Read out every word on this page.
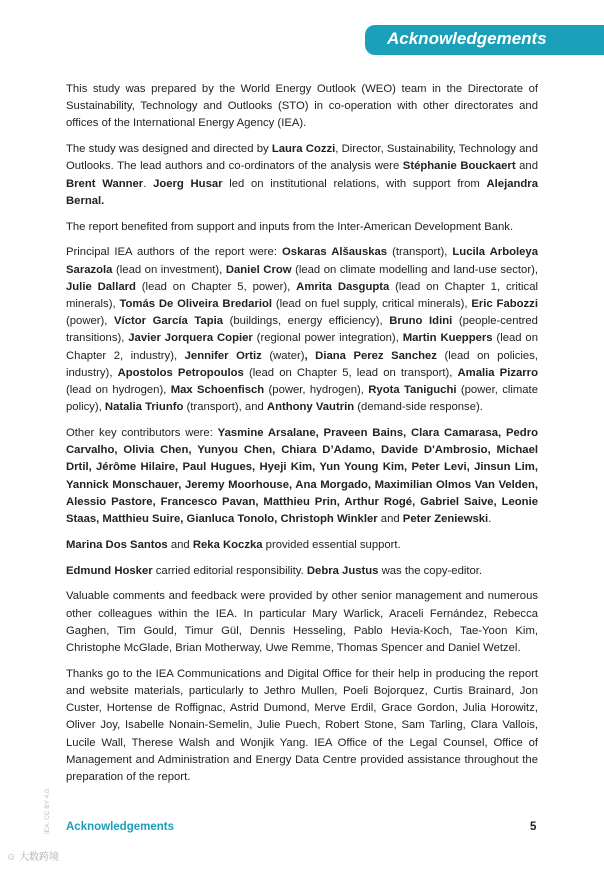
Acknowledgements

This study was prepared by the World Energy Outlook (WEO) team in the Directorate of Sustainability, Technology and Outlooks (STO) in co-operation with other directorates and offices of the International Energy Agency (IEA).

The study was designed and directed by Laura Cozzi, Director, Sustainability, Technology and Outlooks. The lead authors and co-ordinators of the analysis were Stéphanie Bouckaert and Brent Wanner. Joerg Husar led on institutional relations, with support from Alejandra Bernal.

The report benefited from support and inputs from the Inter-American Development Bank.

Principal IEA authors of the report were: Oskaras Alšauskas (transport), Lucila Arboleya Sarazola (lead on investment), Daniel Crow (lead on climate modelling and land-use sector), Julie Dallard (lead on Chapter 5, power), Amrita Dasgupta (lead on Chapter 1, critical minerals), Tomás De Oliveira Bredariol (lead on fuel supply, critical minerals), Eric Fabozzi (power), Víctor García Tapia (buildings, energy efficiency), Bruno Idini (people-centred transitions), Javier Jorquera Copier (regional power integration), Martin Kueppers (lead on Chapter 2, industry), Jennifer Ortiz (water), Diana Perez Sanchez (lead on policies, industry), Apostolos Petropoulos (lead on Chapter 5, lead on transport), Amalia Pizarro (lead on hydrogen), Max Schoenfisch (power, hydrogen), Ryota Taniguchi (power, climate policy), Natalia Triunfo (transport), and Anthony Vautrin (demand-side response).

Other key contributors were: Yasmine Arsalane, Praveen Bains, Clara Camarasa, Pedro Carvalho, Olivia Chen, Yunyou Chen, Chiara D’Adamo, Davide D'Ambrosio, Michael Drtil, Jérôme Hilaire, Paul Hugues, Hyeji Kim, Yun Young Kim, Peter Levi, Jinsun Lim, Yannick Monschauer, Jeremy Moorhouse, Ana Morgado, Maximilian Olmos Van Velden, Alessio Pastore, Francesco Pavan, Matthieu Prin, Arthur Rogé, Gabriel Saive, Leonie Staas, Matthieu Suire, Gianluca Tonolo, Christoph Winkler and Peter Zeniewski.

Marina Dos Santos and Reka Koczka provided essential support.

Edmund Hosker carried editorial responsibility. Debra Justus was the copy-editor.

Valuable comments and feedback were provided by other senior management and numerous other colleagues within the IEA. In particular Mary Warlick, Araceli Fernández, Rebecca Gaghen, Tim Gould, Timur Gül, Dennis Hesseling, Pablo Hevia-Koch, Tae-Yoon Kim, Christophe McGlade, Brian Motherway, Uwe Remme, Thomas Spencer and Daniel Wetzel.

Thanks go to the IEA Communications and Digital Office for their help in producing the report and website materials, particularly to Jethro Mullen, Poeli Bojorquez, Curtis Brainard, Jon Custer, Hortense de Roffignac, Astrid Dumond, Merve Erdil, Grace Gordon, Julia Horowitz, Oliver Joy, Isabelle Nonain-Semelin, Julie Puech, Robert Stone, Sam Tarling, Clara Vallois, Lucile Wall, Therese Walsh and Wonjik Yang. IEA Office of the Legal Counsel, Office of Management and Administration and Energy Data Centre provided assistance throughout the preparation of the report.

IEA. CC BY 4.0. Acknowledgements	5
☺ 大数跨境
